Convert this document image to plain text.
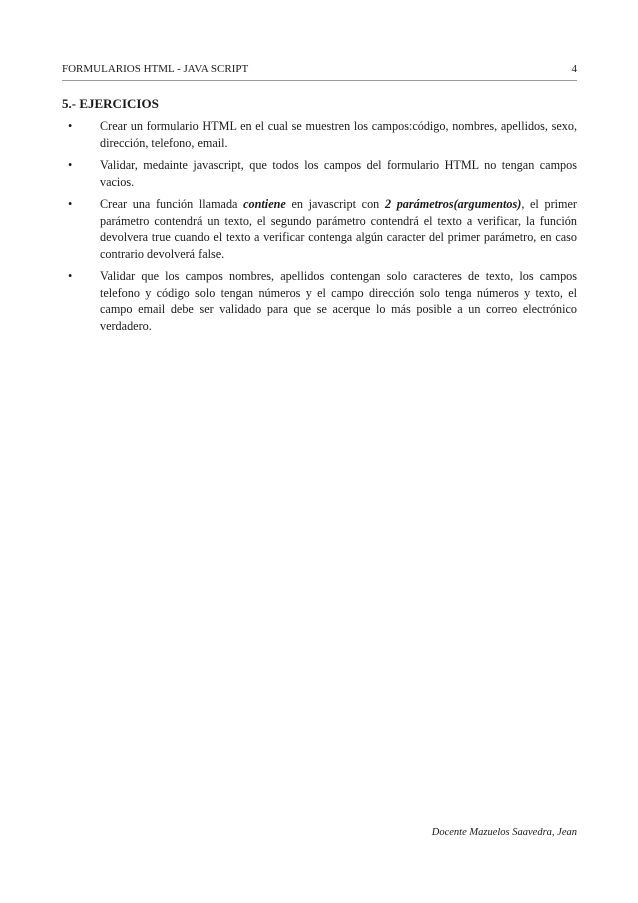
FORMULARIOS HTML - JAVA SCRIPT	4
5.- EJERCICIOS
• Crear un formulario HTML en el cual se muestren los campos:código, nombres, apellidos, sexo, dirección, telefono, email.
• Validar, medainte javascript, que todos los campos del formulario HTML no tengan campos vacios.
• Crear una función llamada contiene en javascript con 2 parámetros(argumentos), el primer parámetro contendrá un texto, el segundo parámetro contendrá el texto a verificar, la función devolvera true cuando el texto a verificar contenga algún caracter del primer parámetro, en caso contrario devolverá false.
• Validar que los campos nombres, apellidos contengan solo caracteres de texto, los campos telefono y código solo tengan números y el campo dirección solo tenga números y texto, el campo email debe ser validado para que se acerque lo más posible a un correo electrónico verdadero.
Docente Mazuelos Saavedra, Jean
